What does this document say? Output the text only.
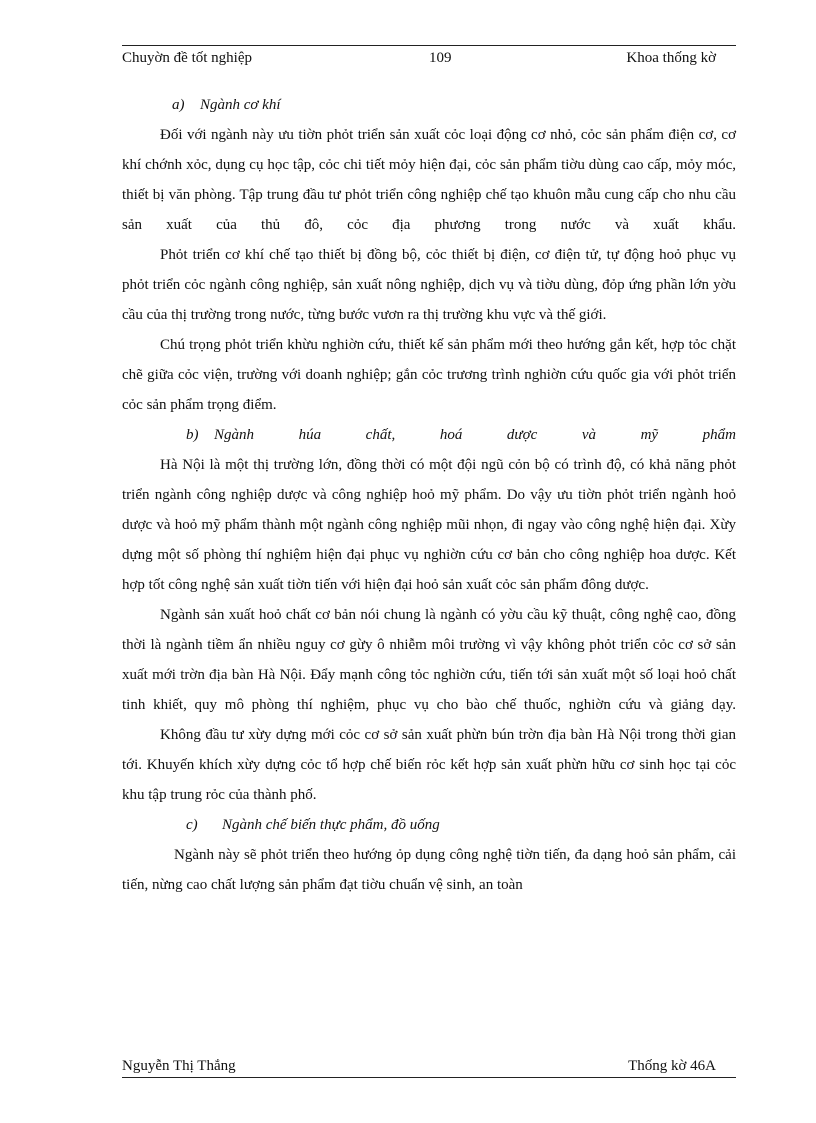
Chuyờn đề tốt nghiệp	109	Khoa thống kờ
a) Ngành cơ khí

Đối với ngành này ưu tiờn phỏt triển sản xuất cỏc loại động cơ nhỏ, cỏc sản phẩm điện cơ, cơ khí chớnh xỏc, dụng cụ học tập, cỏc chi tiết mỏy hiện đại, cỏc sản phẩm tiờu dùng cao cấp, mỏy móc, thiết bị văn phòng. Tập trung đầu tư phỏt triển công nghiệp chế tạo khuôn mẫu cung cấp cho nhu cầu sản xuất của thủ đô, cỏc địa phương trong nước và xuất khẩu.

Phỏt triển cơ khí chế tạo thiết bị đồng bộ, cỏc thiết bị điện, cơ điện tử, tự động hoỏ phục vụ phỏt triển cỏc ngành công nghiệp, sản xuất nông nghiệp, dịch vụ và tiờu dùng, đỏp ứng phần lớn yờu cầu của thị trường trong nước, từng bước vươn ra thị trường khu vực và thế giới.

Chú trọng phỏt triển khừu nghiờn cứu, thiết kế sản phẩm mới theo hướng gắn kết, hợp tỏc chặt chẽ giữa cỏc viện, trường với doanh nghiệp; gắn cỏc trương trình nghiờn cứu quốc gia với phỏt triển cỏc sản phẩm trọng điểm.

b) Ngành húa chất, hoá dược và mỹ phẩm

Hà Nội là một thị trường lớn, đồng thời có một đội ngũ cỏn bộ có trình độ, có khả năng phỏt triển ngành công nghiệp dược và công nghiệp hoỏ mỹ phẩm. Do vậy ưu tiờn phỏt triển ngành hoỏ dược và hoỏ mỹ phẩm thành một ngành công nghiệp mũi nhọn, đi ngay vào công nghệ hiện đại. Xừy dựng một số phòng thí nghiệm hiện đại phục vụ nghiờn cứu cơ bản cho công nghiệp hoa dược. Kết hợp tốt công nghệ sản xuất tiờn tiến với hiện đại hoỏ sản xuất cỏc sản phẩm đông dược.

Ngành sản xuất hoỏ chất cơ bản nói chung là ngành có yờu cầu kỹ thuật, công nghệ cao, đồng thời là ngành tiềm ẩn nhiều nguy cơ gừy ô nhiễm môi trường vì vậy không phỏt triển cỏc cơ sở sản xuất mới trờn địa bàn Hà Nội. Đẩy mạnh công tỏc nghiờn cứu, tiến tới sản xuất một số loại hoỏ chất tinh khiết, quy mô phòng thí nghiệm, phục vụ cho bào chế thuốc, nghiờn cứu và giảng dạy.

Không đầu tư xừy dựng mới cỏc cơ sở sản xuất phừn bún trờn địa bàn Hà Nội trong thời gian tới. Khuyến khích xừy dựng cỏc tổ hợp chế biến rỏc kết hợp sản xuất phừn hữu cơ sinh học tại cỏc khu tập trung rỏc của thành phố.

c) Ngành chế biến thực phẩm, đồ uống

Ngành này sẽ phỏt triển theo hướng ỏp dụng công nghệ tiờn tiến, đa dạng hoỏ sản phẩm, cải tiến, nừng cao chất lượng sản phẩm đạt tiờu chuẩn vệ sinh, an toàn

Nguyễn Thị Thắng	Thống kờ 46A
